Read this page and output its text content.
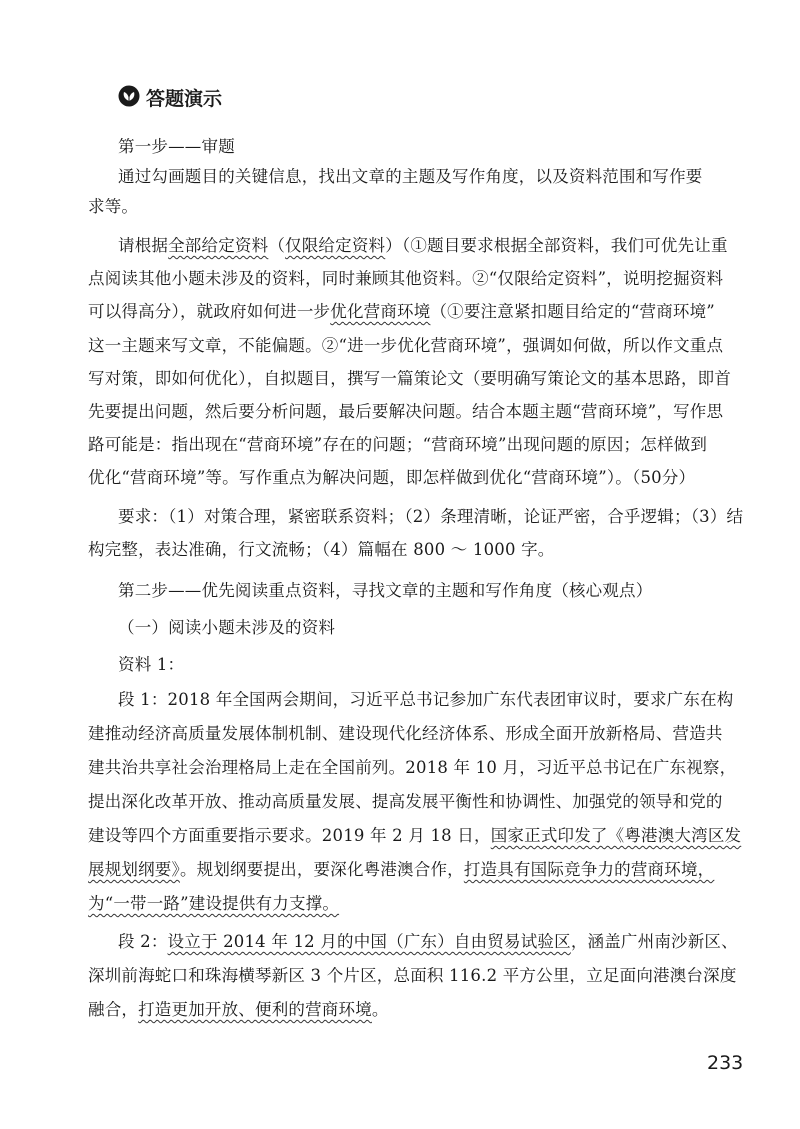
答题演示
第一步——审题
通过勾画题目的关键信息，找出文章的主题及写作角度，以及资料范围和写作要
求等。
请根据全部给定资料（仅限给定资料）（①题目要求根据全部资料，我们可优先让重
点阅读其他小题未涉及的资料，同时兼顾其他资料。②“仅限给定资料”，说明挖掘资料
可以得高分），就政府如何进一步优化营商环境（①要注意紧扣题目给定的“营商环境”
这一主题来写文章，不能偏题。②“进一步优化营商环境”，强调如何做，所以作文重点
写对策，即如何优化），自拟题目，撰写一篇策论文（要明确写策论文的基本思路，即首
先要提出问题，然后要分析问题，最后要解决问题。结合本题主题“营商环境”，写作思
路可能是：指出现在“营商环境”存在的问题；“营商环境”出现问题的原因；怎样做到
优化“营商环境”等。写作重点为解决问题，即怎样做到优化“营商环境”）。（50分）
要求：（1）对策合理，紧密联系资料；（2）条理清晰，论证严密，合乎逻辑；（3）结
构完整，表达准确，行文流畅；（4）篇幅在 800 ～ 1000 字。
第二步——优先阅读重点资料，寻找文章的主题和写作角度（核心观点）
（一）阅读小题未涉及的资料
资料 1：
段 1：2018 年全国两会期间，习近平总书记参加广东代表团审议时，要求广东在构
建推动经济高质量发展体制机制、建设现代化经济体系、形成全面开放新格局、营造共
建共治共享社会治理格局上走在全国前列。2018 年 10 月，习近平总书记在广东视察，
提出深化改革开放、推动高质量发展、提高发展平衡性和协调性、加强党的领导和党的
建设等四个方面重要指示要求。2019 年 2 月 18 日，国家正式印发了《粤港澳大湾区发
展规划纲要》。规划纲要提出，要深化粤港澳合作，打造具有国际竞争力的营商环境，
为“一带一路”建设提供有力支撑。
段 2：设立于 2014 年 12 月的中国（广东）自由贸易试验区，涵盖广州南沙新区、
深圳前海蛇口和珠海横琴新区 3 个片区，总面积 116.2 平方公里，立足面向港澳台深度
融合，打造更加开放、便利的营商环境。
233
